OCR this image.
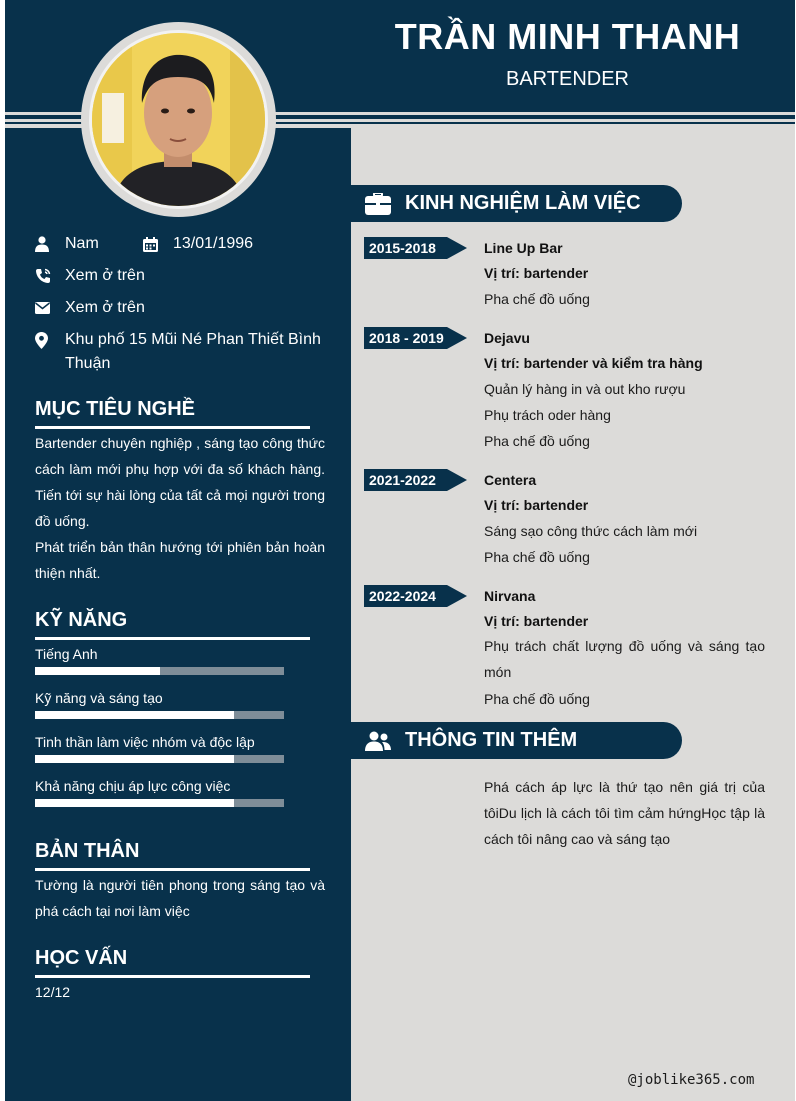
TRẦN MINH THANH
BARTENDER
Nam	13/01/1996
Xem ở trên
Xem ở trên
Khu phố 15 Mũi Né Phan Thiết Bình Thuận
MỤC TIÊU NGHỀ
Bartender chuyên nghiệp , sáng tạo công thức cách làm mới phụ hợp với đa số khách hàng. Tiến tới sự hài lòng của tất cả mọi người trong đồ uống.
Phát triển bản thân hướng tới phiên bản hoàn thiện nhất.
KỸ NĂNG
Tiếng Anh
Kỹ năng và sáng tạo
Tinh thần làm việc nhóm và độc lập
Khả năng chịu áp lực công việc
BẢN THÂN
Tường là người tiên phong trong sáng tạo và phá cách tại nơi làm việc
HỌC VẤN
12/12
KINH NGHIỆM LÀM VIỆC
2015-2018	Line Up Bar
Vị trí: bartender
Pha chế đồ uống
2018 - 2019	Dejavu
Vị trí: bartender và kiểm tra hàng
Quản lý hàng in và out kho rượu
Phụ trách oder hàng
Pha chế đồ uống
2021-2022	Centera
Vị trí: bartender
Sáng sạo công thức cách làm mới
Pha chế đồ uống
2022-2024	Nirvana
Vị trí: bartender
Phụ trách chất lượng đồ uống và sáng tạo món
Pha chế đồ uống
THÔNG TIN THÊM
Phá cách áp lực là thứ tạo nên giá trị của tôiDu lịch là cách tôi tìm cảm hứngHọc tập là cách tôi nâng cao và sáng tạo
@joblike365.com
